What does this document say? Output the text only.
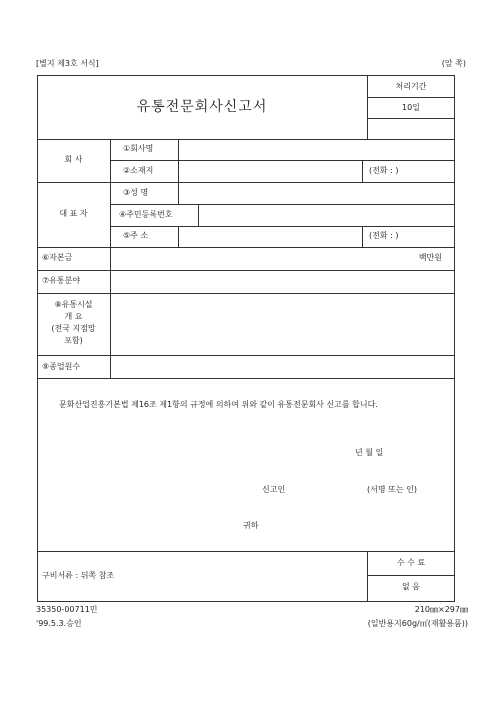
[별지 제3호 서식]	(앞 쪽)
유통전문회사신고서
처리기간
10일
회 사
①회사명
②소재지	(전화 : )
대 표 자
③성 명
④주민등록번호
⑤주 소	(전화 : )
⑥자본금	백만원
⑦유통분야
⑧유통시설
개 요
(전국 지점망
포함)
⑨종업원수
문화산업진흥기본법 제16조 제1항의 규정에 의하여 위와 같이 유통전문회사 신고를 합니다.
년 월 일
신고인	(서명 또는 인)
귀하
구비서류 : 뒤쪽 참조
수 수 료
없 음
35350-00711민	210㎜×297㎜
'99.5.3.승인	(일반용지60g/㎡(재활용품))
